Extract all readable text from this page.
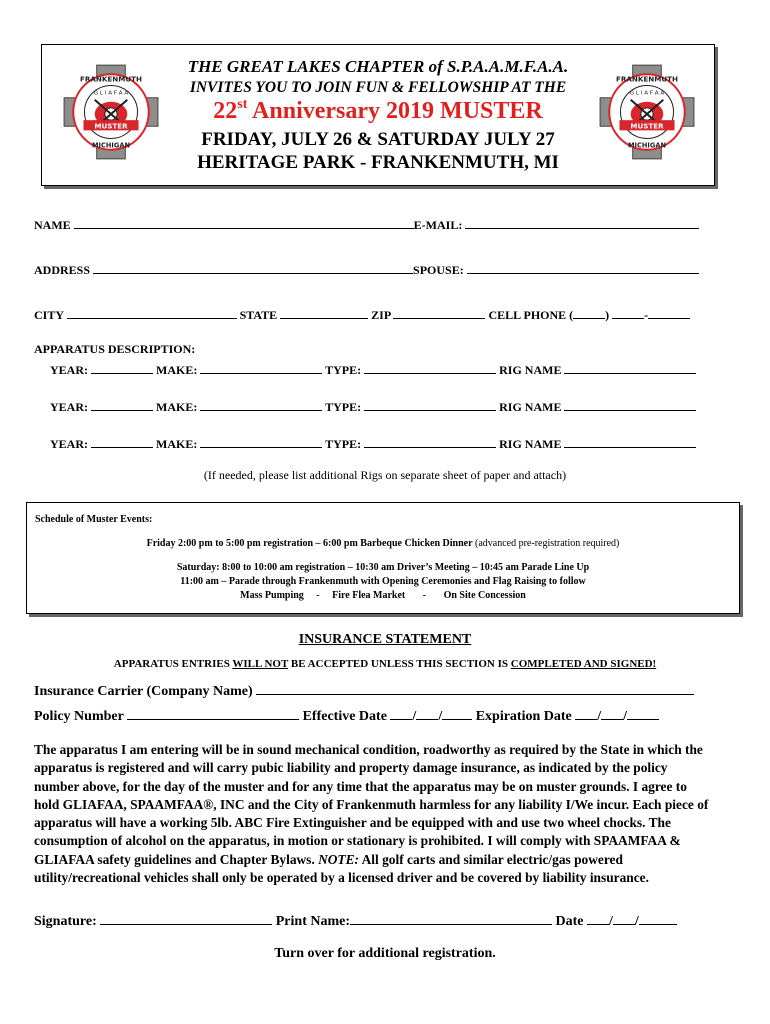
MUSTER
FRANKENMUTH
G L I A F A A
MICHIGAN
THE GREAT LAKES CHAPTER of S.P.A.A.M.F.A.A.
INVITES YOU TO JOIN FUN & FELLOWSHIP AT THE
22st Anniversary 2019 MUSTER
FRIDAY, JULY 26 & SATURDAY JULY 27
HERITAGE PARK - FRANKENMUTH, MI
MUSTER
FRANKENMUTH
G L I A F A A
MICHIGAN
NAME	E-MAIL:
ADDRESS	SPOUSE:
CITY	STATE	ZIP	CELL PHONE (	)	-
APPARATUS DESCRIPTION:
YEAR:	MAKE:	TYPE:	RIG NAME
YEAR:	MAKE:	TYPE:	RIG NAME
YEAR:	MAKE:	TYPE:	RIG NAME
(If needed, please list additional Rigs on separate sheet of paper and attach)
Schedule of Muster Events:
Friday 2:00 pm to 5:00 pm registration – 6:00 pm Barbeque Chicken Dinner (advanced pre-registration required)
Saturday: 8:00 to 10:00 am registration – 10:30 am Driver’s Meeting – 10:45 am Parade Line Up
11:00 am – Parade through Frankenmuth with Opening Ceremonies and Flag Raising to follow
Mass Pumping     -     Fire Flea Market       -       On Site Concession
INSURANCE STATEMENT
APPARATUS ENTRIES WILL NOT BE ACCEPTED UNLESS THIS SECTION IS COMPLETED AND SIGNED!
Insurance Carrier (Company Name)
Policy Number	Effective Date / / Expiration Date / /
The apparatus I am entering will be in sound mechanical condition, roadworthy as required by the State in which the apparatus is registered and will carry pubic liability and property damage insurance, as indicated by the policy number above, for the day of the muster and for any time that the apparatus may be on muster grounds. I agree to hold GLIAFAA, SPAAMFAA®, INC and the City of Frankenmuth harmless for any liability I/We incur. Each piece of apparatus will have a working 5lb. ABC Fire Extinguisher and be equipped with and use two wheel chocks. The consumption of alcohol on the apparatus, in motion or stationary is prohibited. I will comply with SPAAMFAA & GLIAFAA safety guidelines and Chapter Bylaws. NOTE: All golf carts and similar electric/gas powered utility/recreational vehicles shall only be operated by a licensed driver and be covered by liability insurance.
Signature:	Print Name:	Date / /
Turn over for additional registration.
